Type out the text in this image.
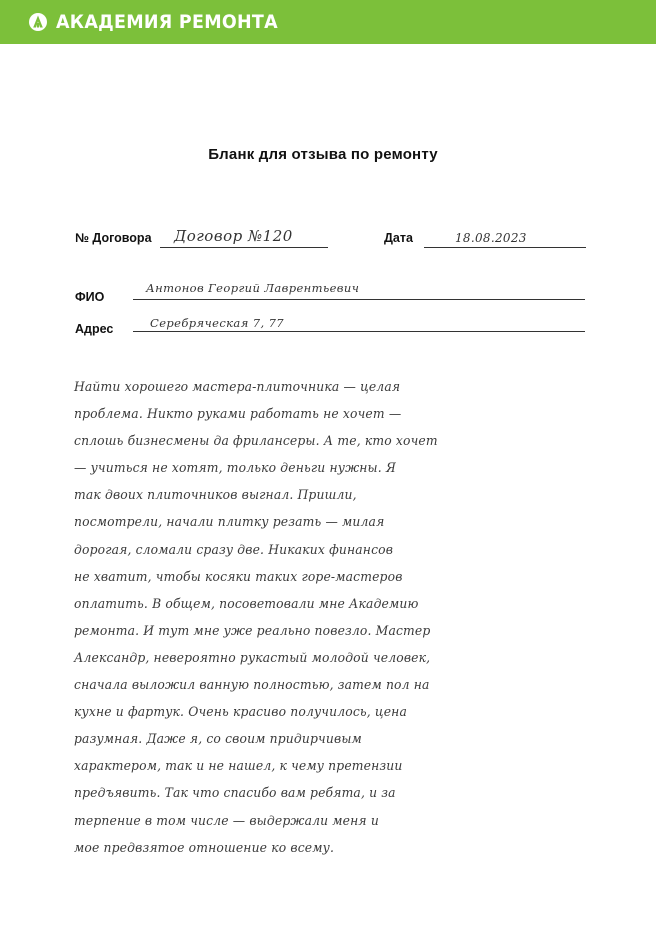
АКАДЕМИЯ РЕМОНТА
Бланк для отзыва по ремонту
№ Договора Договор №120	Дата	18.08.2023
ФИО
Антонов Георгий Лаврентьевич
Адрес	Серебряческая 7, 77
Найти хорошего мастера-плиточника — целая
проблема. Никто руками работать не хочет —
сплошь бизнесмены да фрилансеры. А те, кто хочет
— учиться не хотят, только деньги нужны. Я
так двоих плиточников выгнал. Пришли,
посмотрели, начали плитку резать — милая
дорогая, сломали сразу две. Никаких финансов
не хватит, чтобы косяки таких горе-мастеров
оплатить. В общем, посоветовали мне Академию
ремонта. И тут мне уже реально повезло. Мастер
Александр, невероятно рукастый молодой человек,
сначала выложил ванную полностью, затем пол на
кухне и фартук. Очень красиво получилось, цена
разумная. Даже я, со своим придирчивым
характером, так и не нашел, к чему претензии
предъявить. Так что спасибо вам ребята, и за
терпение в том числе — выдержали меня и
мое предвзятое отношение ко всему.
